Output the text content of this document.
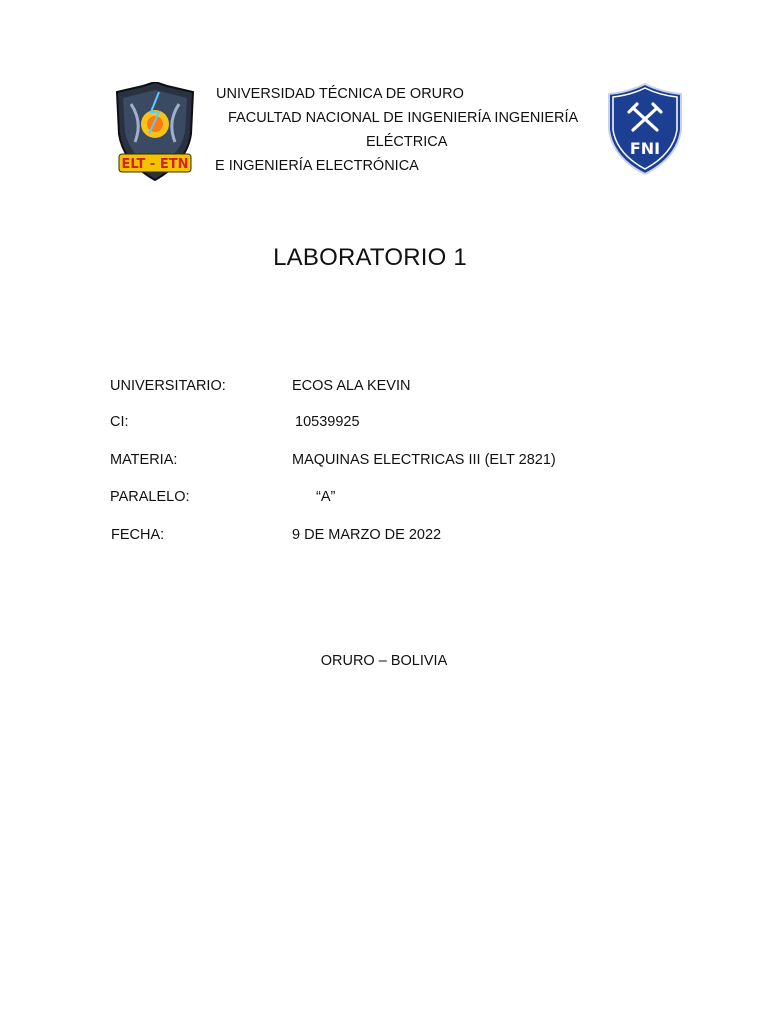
ELT - ETN
UNIVERSIDAD TÉCNICA DE ORURO
FACULTAD NACIONAL DE INGENIERÍA INGENIERÍA
ELÉCTRICA
E INGENIERÍA ELECTRÓNICA
FNI
LABORATORIO 1
UNIVERSITARIO:	ECOS ALA KEVIN
CI:	10539925
MATERIA:	MAQUINAS ELECTRICAS III (ELT 2821)
PARALELO:	“A”
FECHA:	9 DE MARZO DE 2022
ORURO – BOLIVIA
